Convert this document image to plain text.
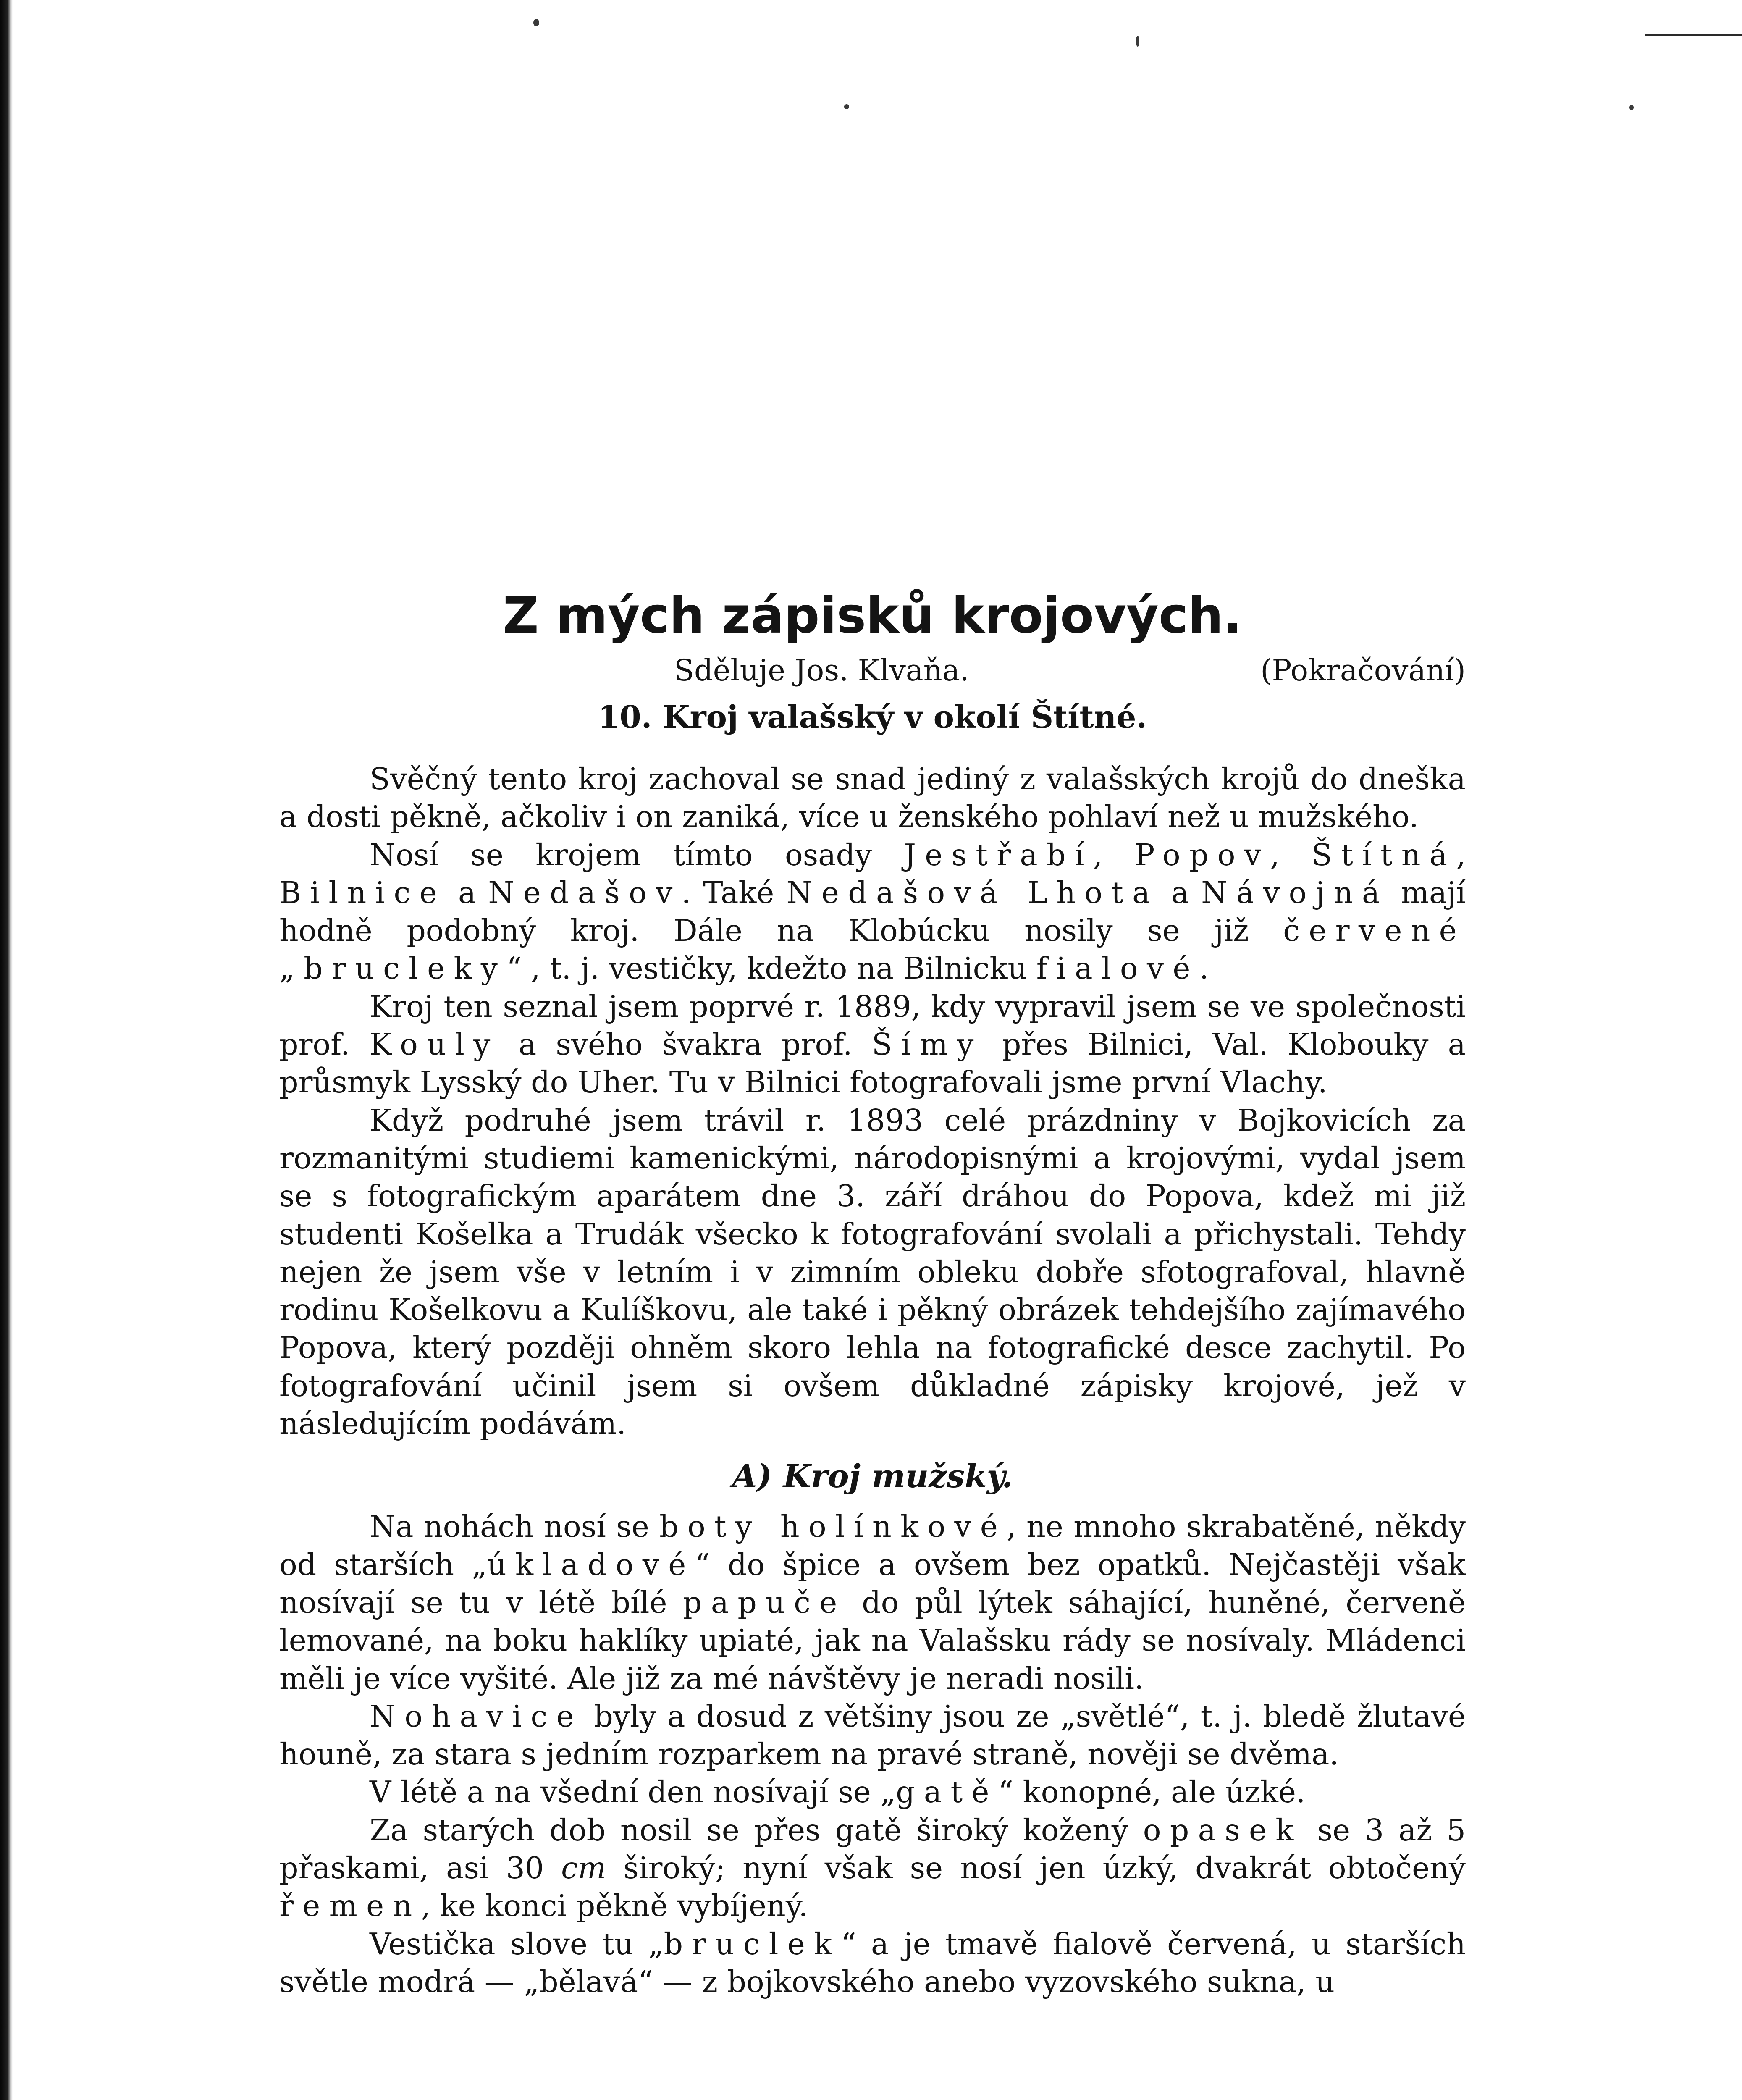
Z mých zápisků krojových.
Sděluje Jos. Klvaňa.	(Pokračování)
10. Kroj valašský v okolí Štítné.

Svěčný tento kroj zachoval se snad jediný z valašských krojů do dneška a dosti pěkně, ačkoliv i on zaniká, více u ženského pohlaví než u mužského.

Nosí se krojem tímto osady Jestřabí, Popov, Štítná, Bilnice a Nedašov. Také Nedašová Lhota a Návojná mají hodně podobný kroj. Dále na Klobúcku nosily se již červené „brucleky“, t. j. vestičky, kdežto na Bilnicku fialové.

Kroj ten seznal jsem poprvé r. 1889, kdy vypravil jsem se ve společnosti prof. Kouly a svého švakra prof. Šímy přes Bilnici, Val. Klobouky a průsmyk Lysský do Uher. Tu v Bilnici fotografovali jsme první Vlachy.

Když podruhé jsem trávil r. 1893 celé prázdniny v Bojkovicích za rozmanitými studiemi kamenickými, národopisnými a krojovými, vydal jsem se s fotografickým aparátem dne 3. září dráhou do Popova, kdež mi již studenti Košelka a Trudák všecko k fotografování svolali a přichystali. Tehdy nejen že jsem vše v letním i v zimním obleku dobře sfotografoval, hlavně rodinu Košelkovu a Kulíškovu, ale také i pěkný obrázek tehdejšího zajímavého Popova, který později ohněm skoro lehla na fotografické desce zachytil. Po fotografování učinil jsem si ovšem důkladné zápisky krojové, jež v následujícím podávám.

A) Kroj mužský.

Na nohách nosí se boty holínkové, ne mnoho skrabatěné, někdy od starších „úkladové“ do špice a ovšem bez opatků. Nejčastěji však nosívají se tu v létě bílé papuče do půl lýtek sáhající, huněné, červeně lemované, na boku haklíky upiaté, jak na Valašsku rády se nosívaly. Mládenci měli je více vyšité. Ale již za mé návštěvy je neradi nosili.

Nohavice byly a dosud z většiny jsou ze „světlé“, t. j. bledě žlutavé houně, za stara s jedním rozparkem na pravé straně, nověji se dvěma.

V létě a na všední den nosívají se „gatě“ konopné, ale úzké.

Za starých dob nosil se přes gatě široký kožený opasek se 3 až 5 přaskami, asi 30 cm široký; nyní však se nosí jen úzký, dvakrát obtočený řemen, ke konci pěkně vybíjený.

Vestička slove tu „bruclek“ a je tmavě fialově červená, u starších světle modrá — „bělavá“ — z bojkovského anebo vyzovského sukna, u
